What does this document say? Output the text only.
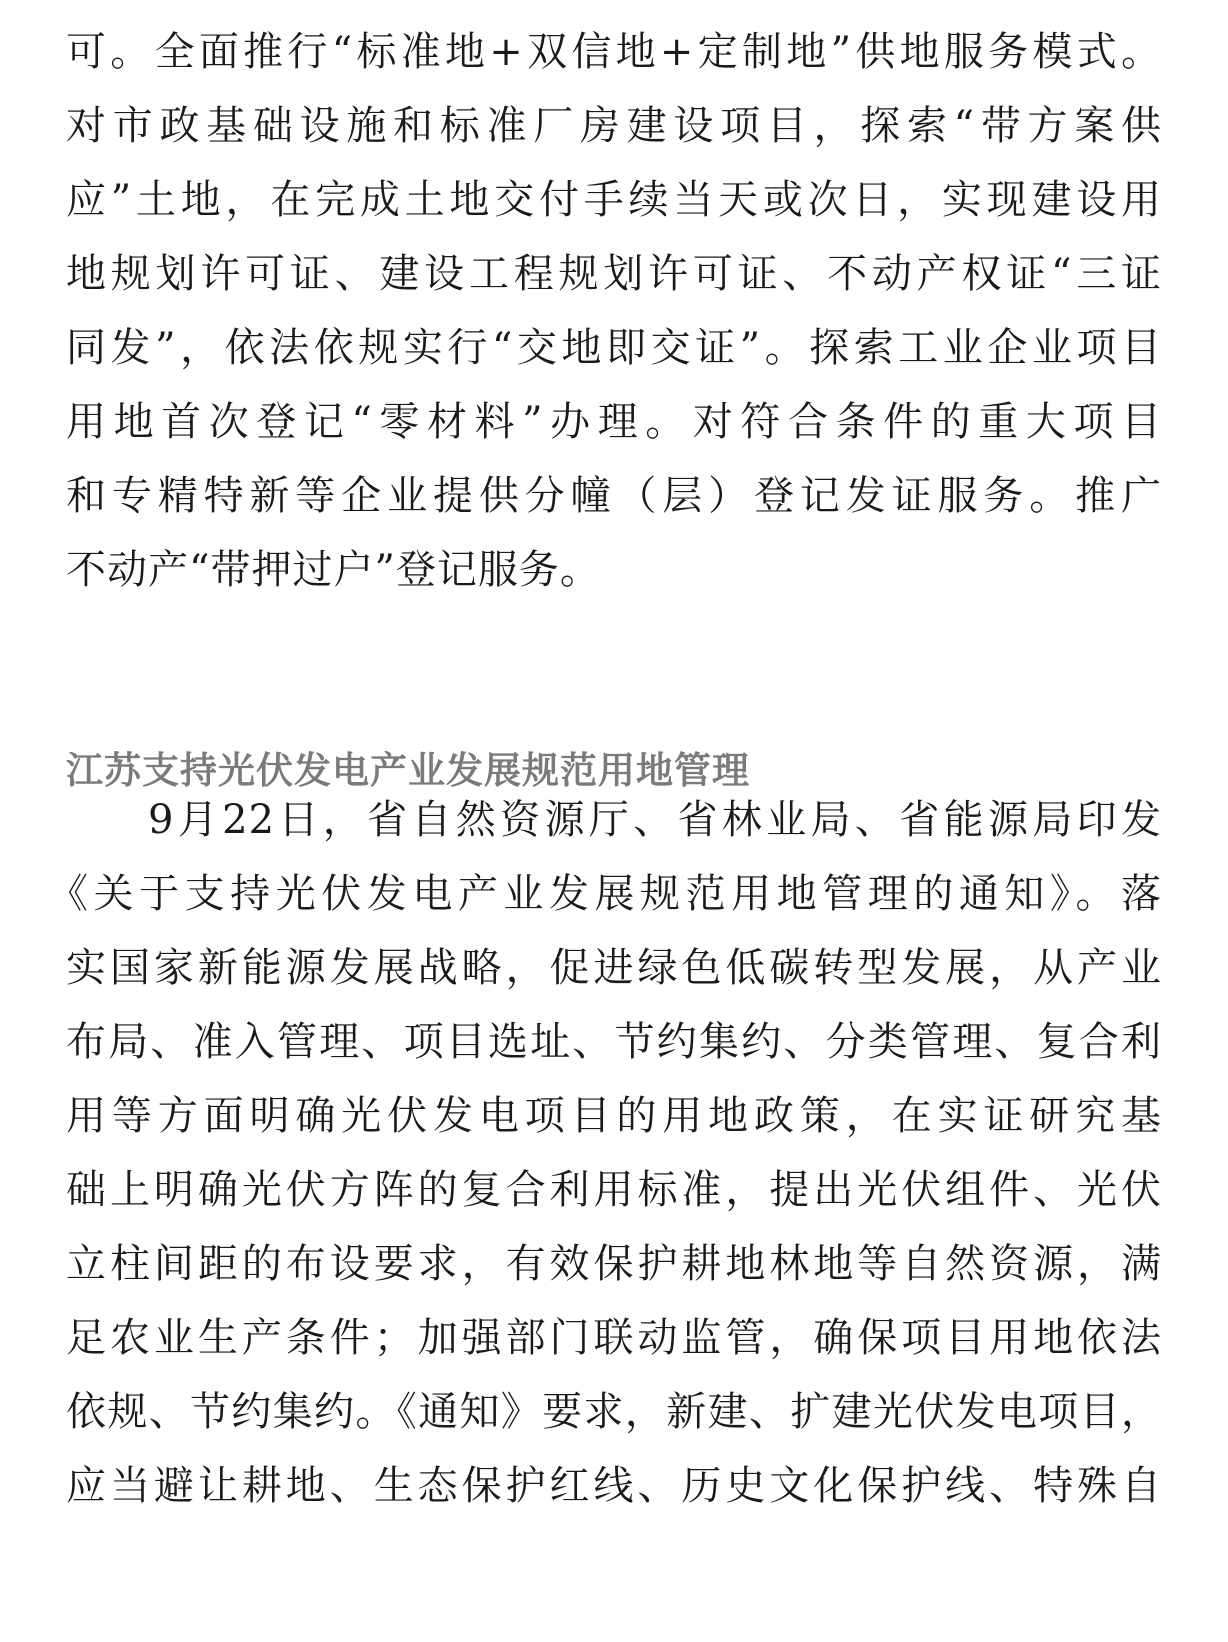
可。全面推行“标准地+双信地+定制地”供地服务模式。
对市政基础设施和标准厂房建设项目，探索“带方案供
应”土地，在完成土地交付手续当天或次日，实现建设用
地规划许可证、建设工程规划许可证、不动产权证“三证
同发”，依法依规实行“交地即交证”。探索工业企业项目
用地首次登记“零材料”办理。对符合条件的重大项目
和专精特新等企业提供分幢（层）登记发证服务。推广
不动产“带押过户”登记服务。
江苏支持光伏发电产业发展规范用地管理
9月22日，省自然资源厅、省林业局、省能源局印发
《关于支持光伏发电产业发展规范用地管理的通知》。落
实国家新能源发展战略，促进绿色低碳转型发展，从产业
布局、准入管理、项目选址、节约集约、分类管理、复合利
用等方面明确光伏发电项目的用地政策，在实证研究基
础上明确光伏方阵的复合利用标准，提出光伏组件、光伏
立柱间距的布设要求，有效保护耕地林地等自然资源，满
足农业生产条件；加强部门联动监管，确保项目用地依法
依规、节约集约。《通知》要求，新建、扩建光伏发电项目，
应当避让耕地、生态保护红线、历史文化保护线、特殊自
